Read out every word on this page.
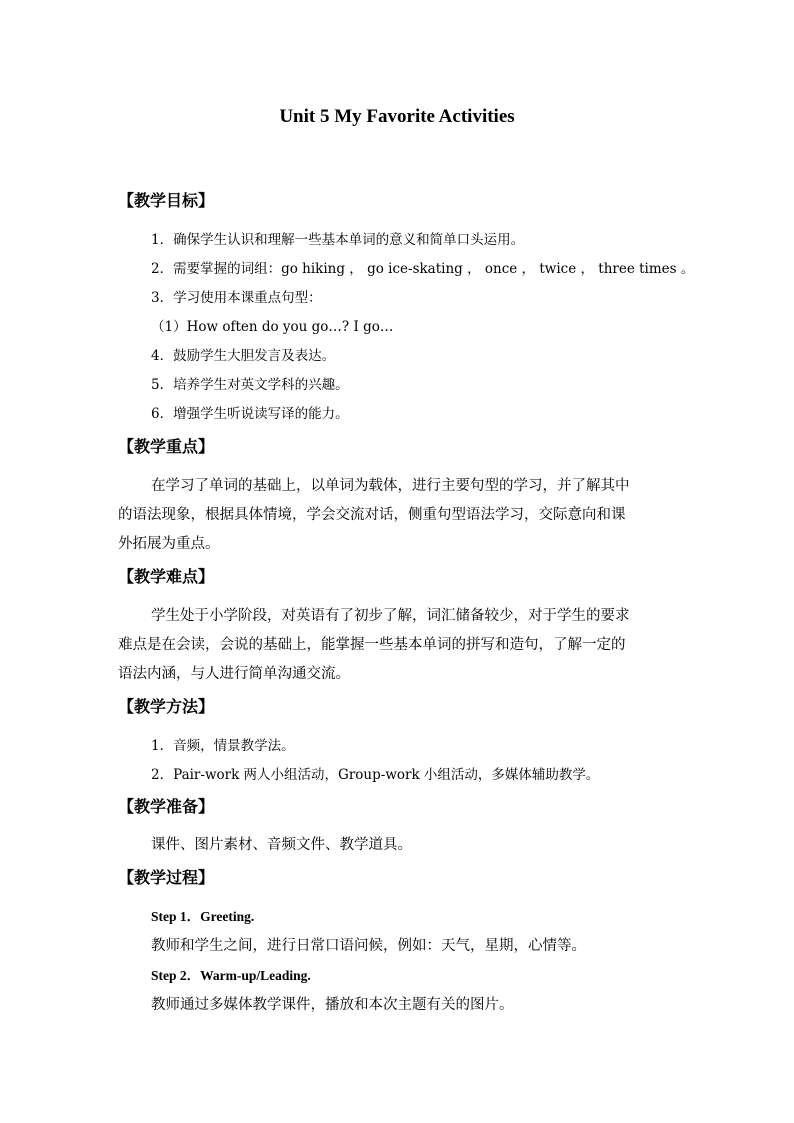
Unit 5 My Favorite Activities
【教学目标】
1．确保学生认识和理解一些基本单词的意义和简单口头运用。
2．需要掌握的词组：go hiking ， go ice-skating ， once ， twice ， three times 。
3．学习使用本课重点句型：
（1）How often do you go…? I go…
4．鼓励学生大胆发言及表达。
5．培养学生对英文学科的兴趣。
6．增强学生听说读写译的能力。
【教学重点】
在学习了单词的基础上，以单词为载体，进行主要句型的学习，并了解其中
的语法现象，根据具体情境，学会交流对话，侧重句型语法学习，交际意向和课
外拓展为重点。
【教学难点】
学生处于小学阶段，对英语有了初步了解，词汇储备较少，对于学生的要求
难点是在会读，会说的基础上，能掌握一些基本单词的拼写和造句，了解一定的
语法内涵，与人进行简单沟通交流。
【教学方法】
1．音频，情景教学法。
2．Pair-work 两人小组活动，Group-work 小组活动，多媒体辅助教学。
【教学准备】
课件、图片素材、音频文件、教学道具。
【教学过程】
Step 1．Greeting.
教师和学生之间，进行日常口语问候，例如：天气，星期，心情等。
Step 2．Warm-up/Leading.
教师通过多媒体教学课件，播放和本次主题有关的图片。
